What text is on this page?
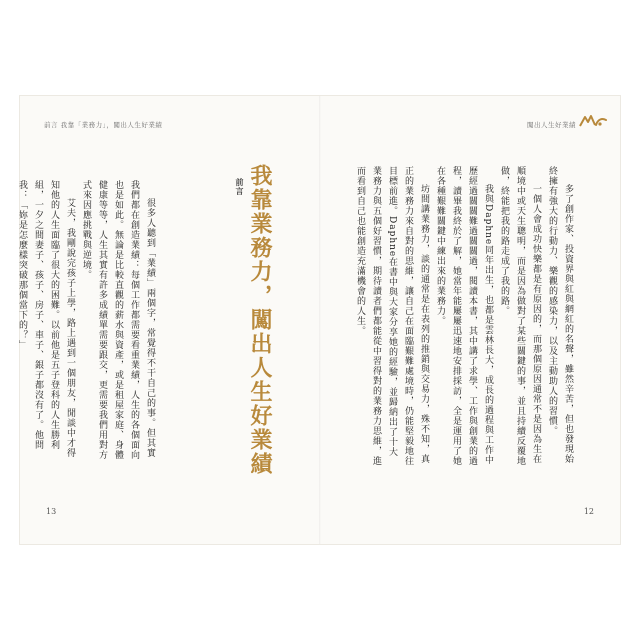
前言 我靠「業務力」，闖出人生好業績

很多人聽到「業績」兩個字，常覺得不干自己的事。但其實我們都在創造業績：每個工作都需要看重業績，人生的各個面向也是如此。無論是比較直觀的薪水與資產，或是租屋家庭、身體健康等等，人生其實有許多成績單需要跟交，更需要我們用對方式來因應挑戰與逆境。

艾夫，我剛說完孩子上學，路上遇到一個朋友，閒談中才得知他的人生面臨了很大的困難。以前他是五子登科的人生勝利組，一夕之間妻子、孩子、房子、車子、銀子都沒有了。他問我：「妳是怎麼樣突破那個當下的？」	前言 我靠業務力，闖出人生好業績
13
闖出人生好業績

多了創作家、投資界與紅與網紅的名聲，雖然辛苦，但也發現始終擁有強大的行動力、樂觀的感染力，以及主動助人的習慣。

一個人會成功快樂都是有原因的，而那個原因通常不是因為生在順境中或天生聰明，而是因為做對了某些關鍵的事，並且持續反覆地做，終能把我的路走成了我的路。

我與Daphne同年出生，也都是雲林長大，成長的過程與工作中歷經過關關難過關關過，閱讀本書，其中講了求學、工作與創業的過程，讀畢我終於了解，她當年能屢屢迅速地安排採訪，全是運用了她在各種艱難關鍵中練出來的業務力。

坊間講業務力，談的通常是在表列的推銷與交易力，殊不知，真正的業務力來自對的思維，讓自己在面臨艱難處境時，仍能堅毅地往目標前進。Daphne在書中與大家分享她的經驗，並歸納出了十大業務力與五個好習慣，期待讀者們都能從中習得對的業務力思維，進而看到自己也能創造充滿機會的人生。

12
